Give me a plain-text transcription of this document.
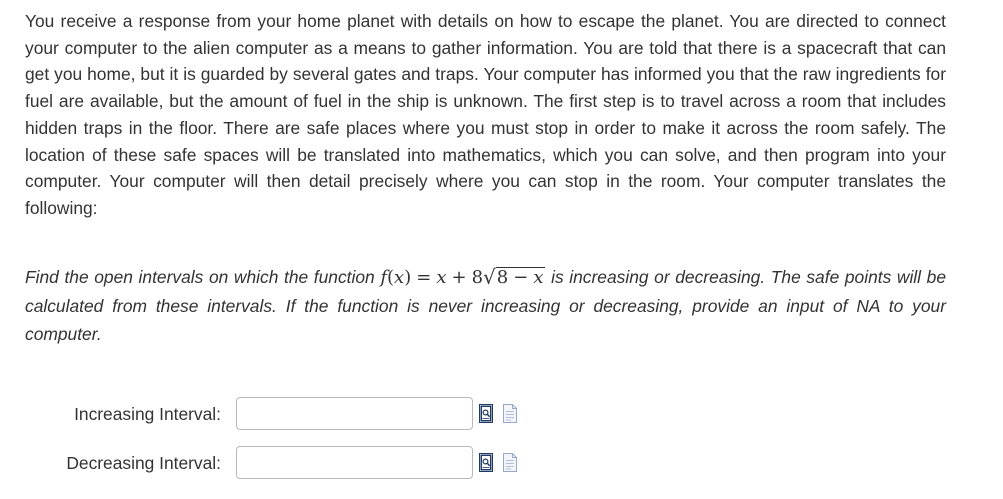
You receive a response from your home planet with details on how to escape the planet. You are directed to connect your computer to the alien computer as a means to gather information. You are told that there is a spacecraft that can get you home, but it is guarded by several gates and traps. Your computer has informed you that the raw ingredients for fuel are available, but the amount of fuel in the ship is unknown. The first step is to travel across a room that includes hidden traps in the floor. There are safe places where you must stop in order to make it across the room safely. The location of these safe spaces will be translated into mathematics, which you can solve, and then program into your computer. Your computer will then detail precisely where you can stop in the room. Your computer translates the following:

Find the open intervals on which the function f(x) = x + 8√8 − x is increasing or decreasing. The safe points will be calculated from these intervals. If the function is never increasing or decreasing, provide an input of NA to your computer.

Increasing Interval:
Decreasing Interval:
